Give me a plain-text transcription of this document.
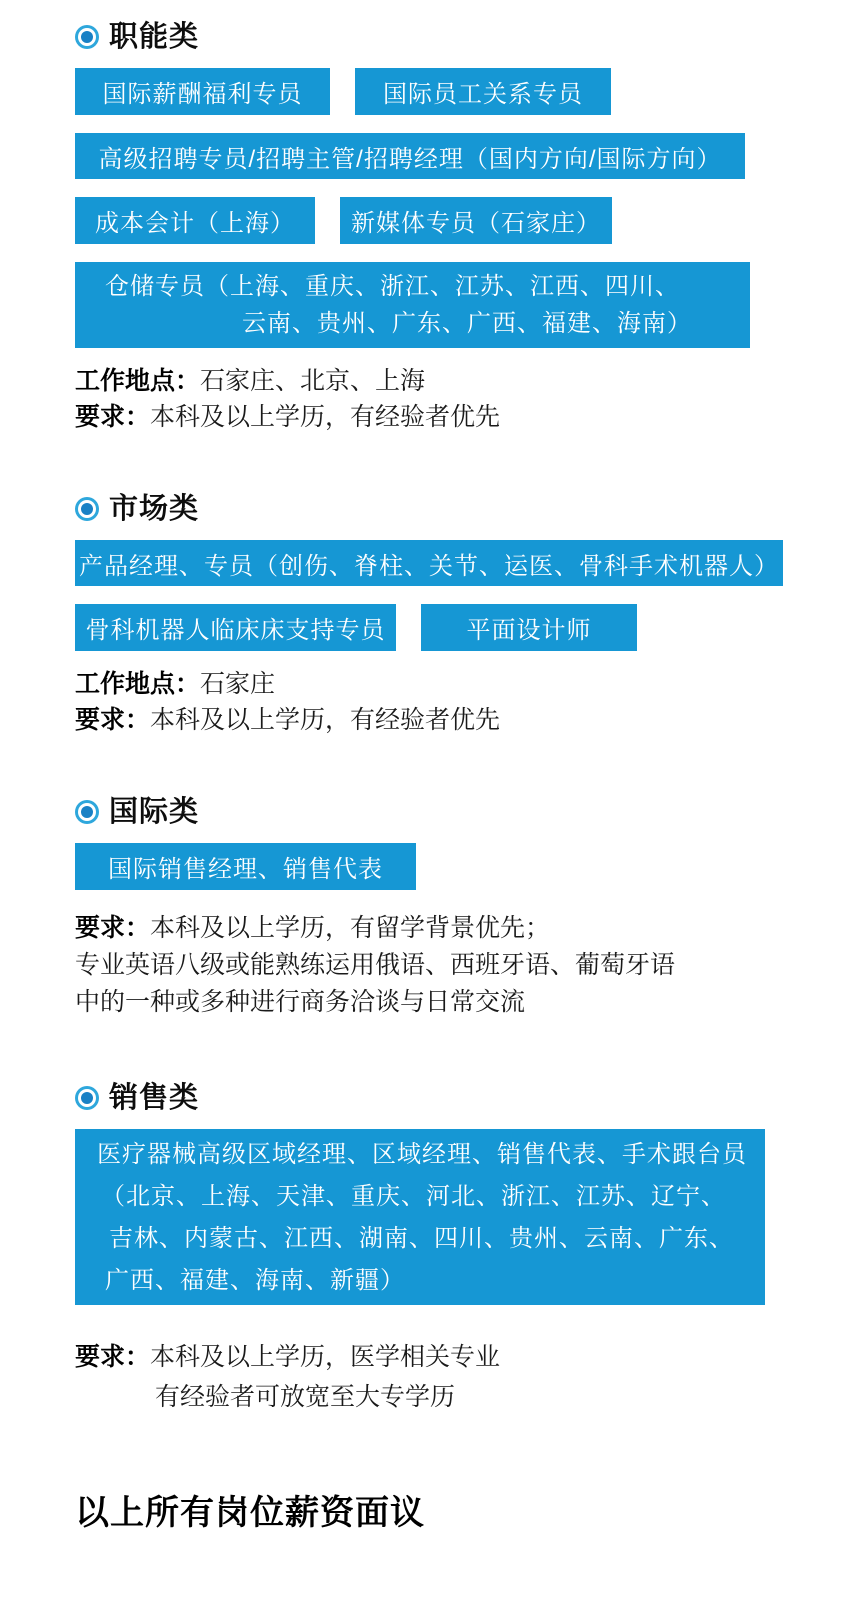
职能类
国际薪酬福利专员	国际员工关系专员
高级招聘专员/招聘主管/招聘经理（国内方向/国际方向）
成本会计（上海）	新媒体专员（石家庄）
仓储专员（上海、重庆、浙江、江苏、江西、四川、
云南、贵州、广东、广西、福建、海南）
工作地点：石家庄、北京、上海
要求：本科及以上学历，有经验者优先
市场类
产品经理、专员（创伤、脊柱、关节、运医、骨科手术机器人）
骨科机器人临床床支持专员	平面设计师
工作地点：石家庄
要求：本科及以上学历，有经验者优先
国际类
国际销售经理、销售代表
要求：本科及以上学历，有留学背景优先；
专业英语八级或能熟练运用俄语、西班牙语、葡萄牙语
中的一种或多种进行商务洽谈与日常交流
销售类
医疗器械高级区域经理、区域经理、销售代表、手术跟台员
（北京、上海、天津、重庆、河北、浙江、江苏、辽宁、
吉林、内蒙古、江西、湖南、四川、贵州、云南、广东、
广西、福建、海南、新疆）
要求：本科及以上学历，医学相关专业
有经验者可放宽至大专学历
以上所有岗位薪资面议
